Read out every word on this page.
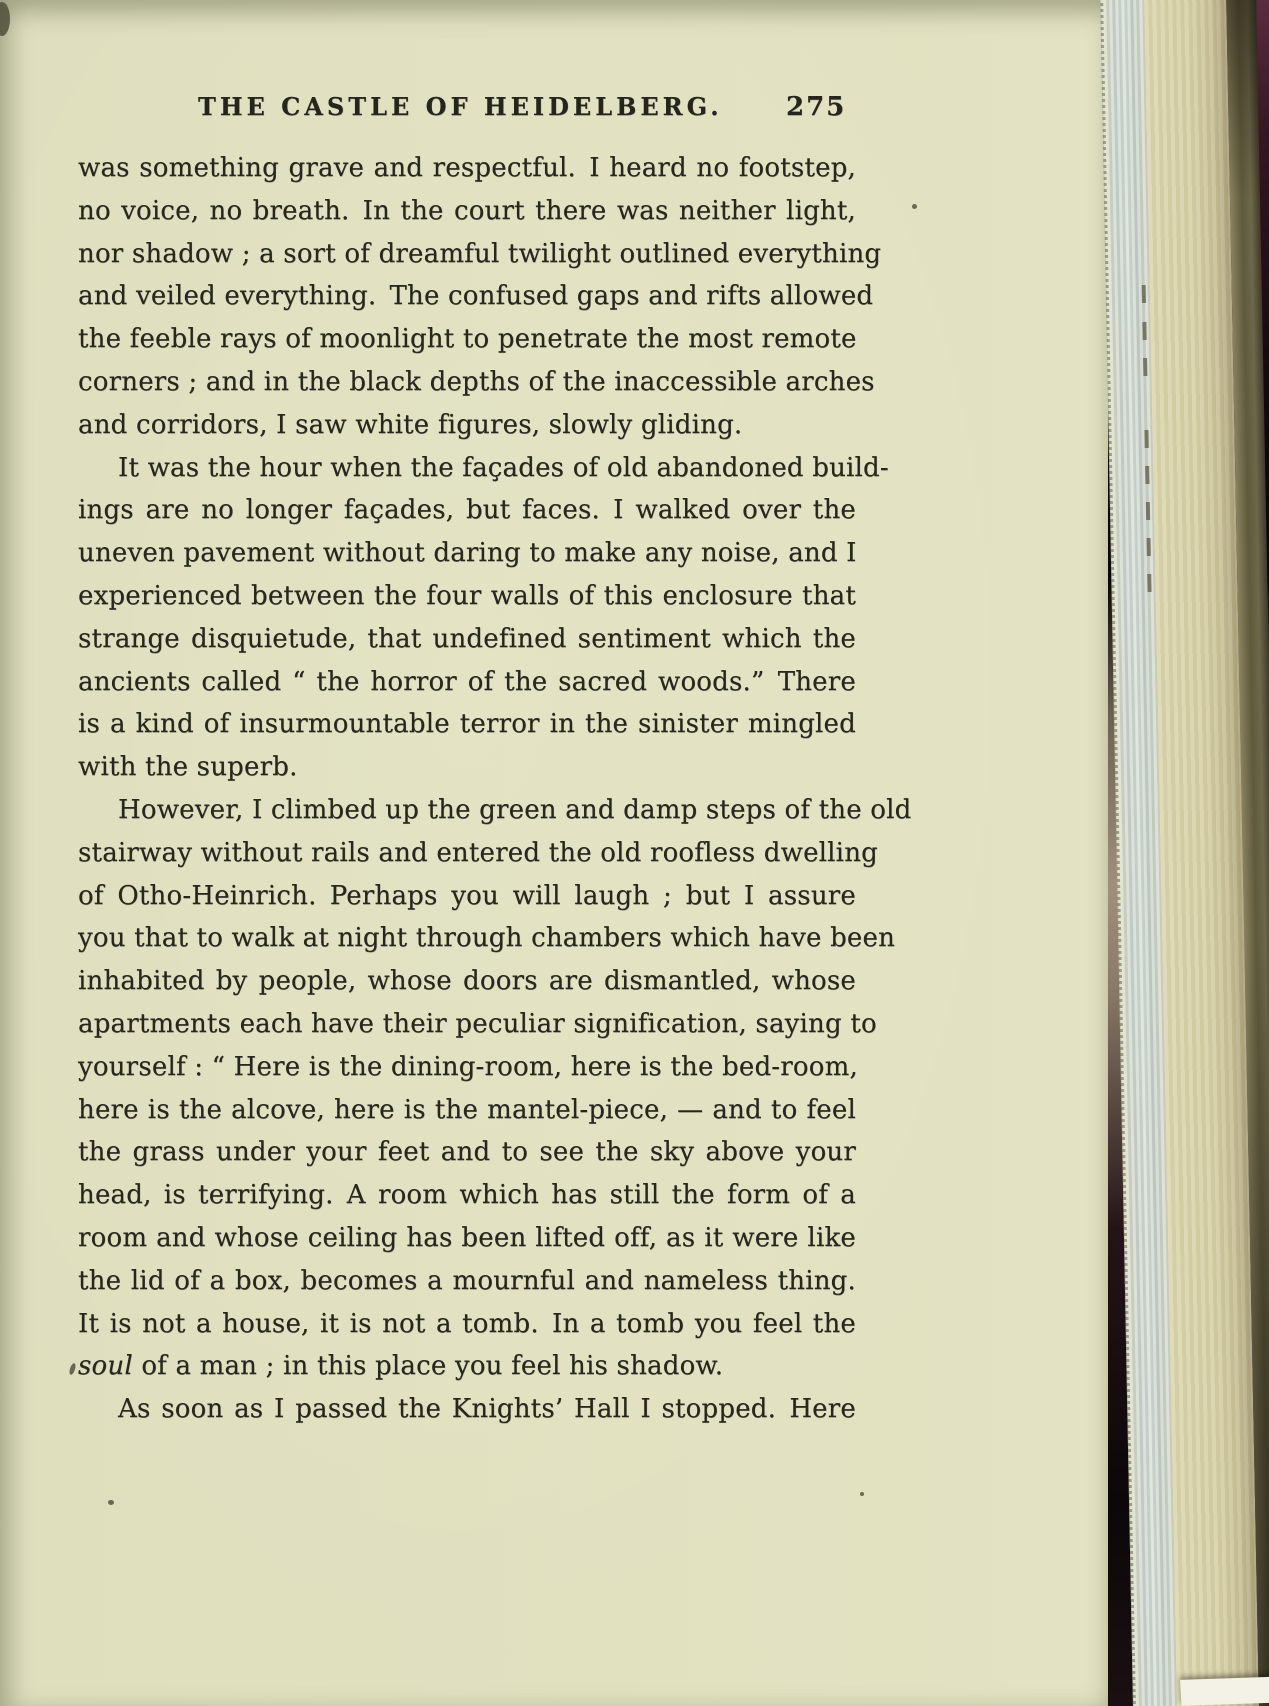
THE CASTLE OF HEIDELBERG. 275
was something grave and respectful. I heard no footstep,
no voice, no breath. In the court there was neither light,
nor shadow ; a sort of dreamful twilight outlined everything
and veiled everything. The confused gaps and rifts allowed
the feeble rays of moonlight to penetrate the most remote
corners ; and in the black depths of the inaccessible arches
and corridors, I saw white figures, slowly gliding.
It was the hour when the façades of old abandoned build-
ings are no longer façades, but faces. I walked over the
uneven pavement without daring to make any noise, and I
experienced between the four walls of this enclosure that
strange disquietude, that undefined sentiment which the
ancients called “ the horror of the sacred woods.” There
is a kind of insurmountable terror in the sinister mingled
with the superb.
However, I climbed up the green and damp steps of the old
stairway without rails and entered the old roofless dwelling
of Otho-Heinrich. Perhaps you will laugh ; but I assure
you that to walk at night through chambers which have been
inhabited by people, whose doors are dismantled, whose
apartments each have their peculiar signification, saying to
yourself : “ Here is the dining-room, here is the bed-room,
here is the alcove, here is the mantel-piece, — and to feel
the grass under your feet and to see the sky above your
head, is terrifying. A room which has still the form of a
room and whose ceiling has been lifted off, as it were like
the lid of a box, becomes a mournful and nameless thing.
It is not a house, it is not a tomb. In a tomb you feel the
soul of a man ; in this place you feel his shadow.
As soon as I passed the Knights’ Hall I stopped. Here
